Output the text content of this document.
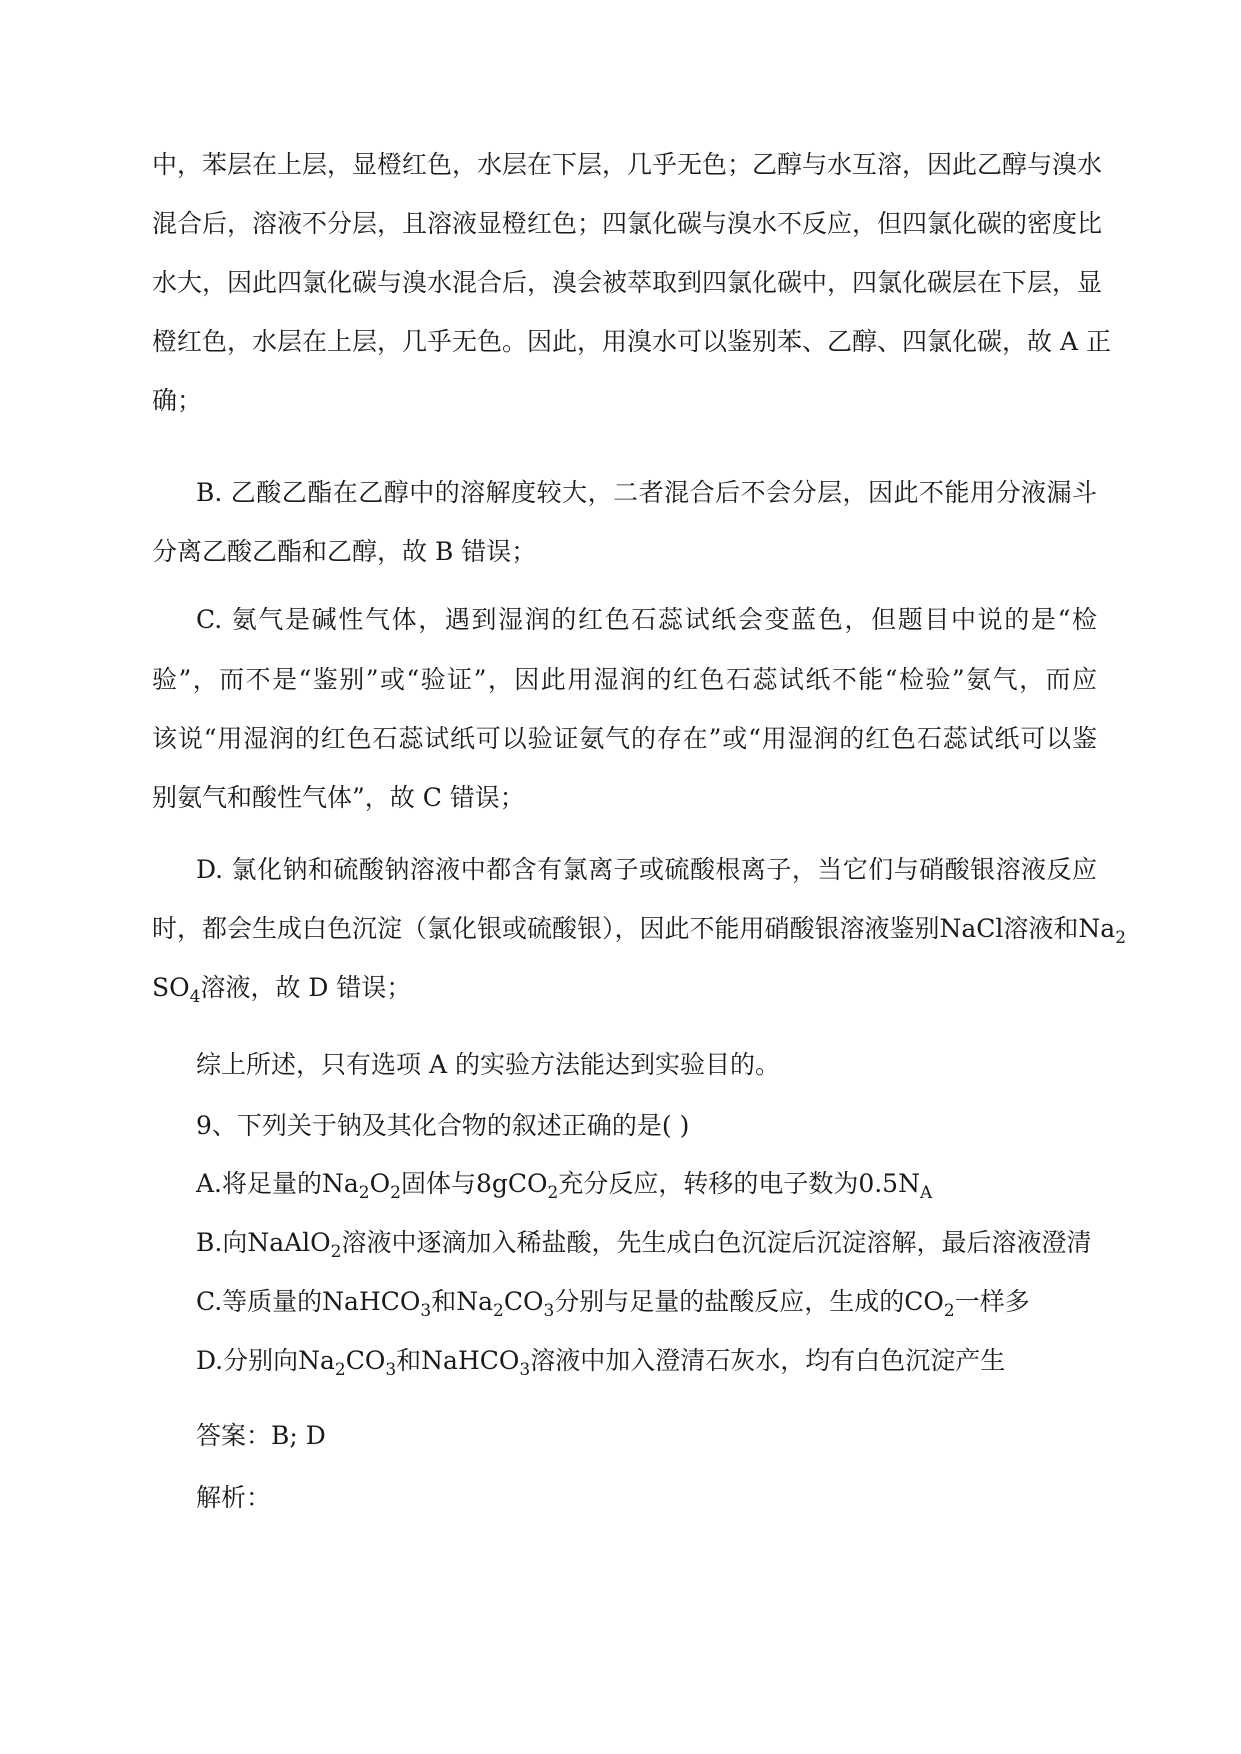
中，苯层在上层，显橙红色，水层在下层，几乎无色；乙醇与水互溶，因此乙醇与溴水
混合后，溶液不分层，且溶液显橙红色；四氯化碳与溴水不反应，但四氯化碳的密度比
水大，因此四氯化碳与溴水混合后，溴会被萃取到四氯化碳中，四氯化碳层在下层，显
橙红色，水层在上层，几乎无色。因此，用溴水可以鉴别苯、乙醇、四氯化碳，故 A 正
确；
B. 乙酸乙酯在乙醇中的溶解度较大，二者混合后不会分层，因此不能用分液漏斗
分离乙酸乙酯和乙醇，故 B 错误；
C. 氨气是碱性气体，遇到湿润的红色石蕊试纸会变蓝色，但题目中说的是“检
验”，而不是“鉴别”或“验证”，因此用湿润的红色石蕊试纸不能“检验”氨气，而应
该说“用湿润的红色石蕊试纸可以验证氨气的存在”或“用湿润的红色石蕊试纸可以鉴
别氨气和酸性气体”，故 C 错误；
D. 氯化钠和硫酸钠溶液中都含有氯离子或硫酸根离子，当它们与硝酸银溶液反应
时，都会生成白色沉淀（氯化银或硫酸银），因此不能用硝酸银溶液鉴别NaCl溶液和$Na_2$
$SO_4$溶液，故 D 错误；
综上所述，只有选项 A 的实验方法能达到实验目的。
9、下列关于钠及其化合物的叙述正确的是( )
A.将足量的$Na_2O_2$固体与8gCO$_2$充分反应，转移的电子数为$0.5N_A$
B.向NaAlO$_2$溶液中逐滴加入稀盐酸，先生成白色沉淀后沉淀溶解，最后溶液澄清
C.等质量的NaHCO$_3$和$Na_2CO_3$分别与足量的盐酸反应，生成的$CO_2$一样多
D.分别向$Na_2CO_3$和NaHCO$_3$溶液中加入澄清石灰水，均有白色沉淀产生
答案：B; D
解析：
